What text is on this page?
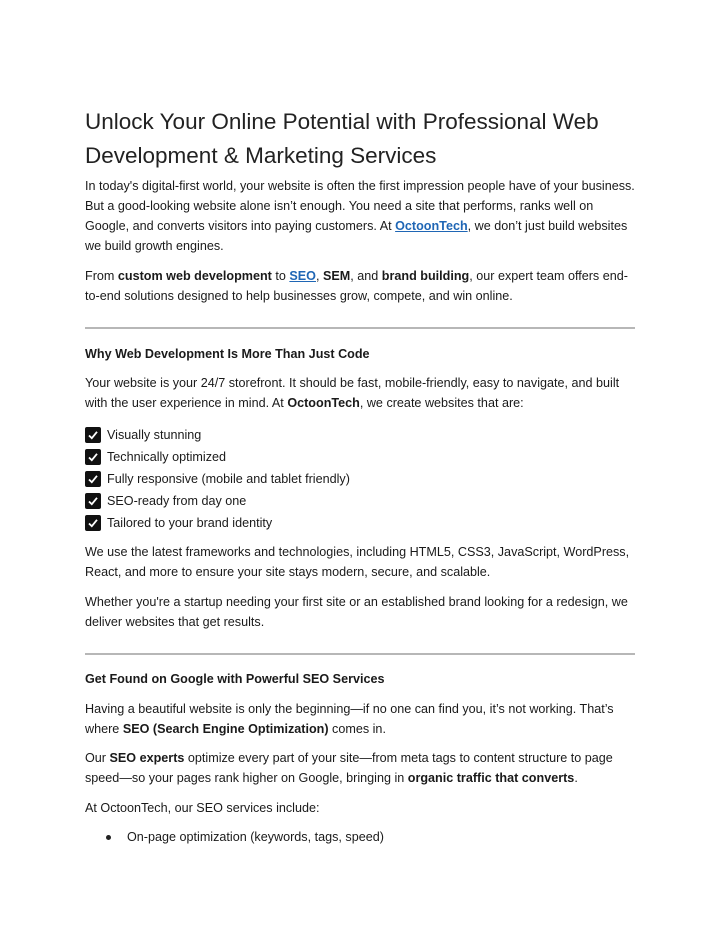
Unlock Your Online Potential with Professional Web Development & Marketing Services

In today's digital-first world, your website is often the first impression people have of your business. But a good-looking website alone isn’t enough. You need a site that performs, ranks well on Google, and converts visitors into paying customers. At OctoonTech, we don’t just build websites we build growth engines.

From custom web development to SEO, SEM, and brand building, our expert team offers end-to-end solutions designed to help businesses grow, compete, and win online.

Why Web Development Is More Than Just Code

Your website is your 24/7 storefront. It should be fast, mobile-friendly, easy to navigate, and built with the user experience in mind. At OctoonTech, we create websites that are:

Visually stunning
Technically optimized
Fully responsive (mobile and tablet friendly)
SEO-ready from day one
Tailored to your brand identity

We use the latest frameworks and technologies, including HTML5, CSS3, JavaScript, WordPress, React, and more to ensure your site stays modern, secure, and scalable.

Whether you're a startup needing your first site or an established brand looking for a redesign, we deliver websites that get results.

Get Found on Google with Powerful SEO Services

Having a beautiful website is only the beginning—if no one can find you, it’s not working. That’s where SEO (Search Engine Optimization) comes in.

Our SEO experts optimize every part of your site—from meta tags to content structure to page speed—so your pages rank higher on Google, bringing in organic traffic that converts.

At OctoonTech, our SEO services include:

On-page optimization (keywords, tags, speed)
